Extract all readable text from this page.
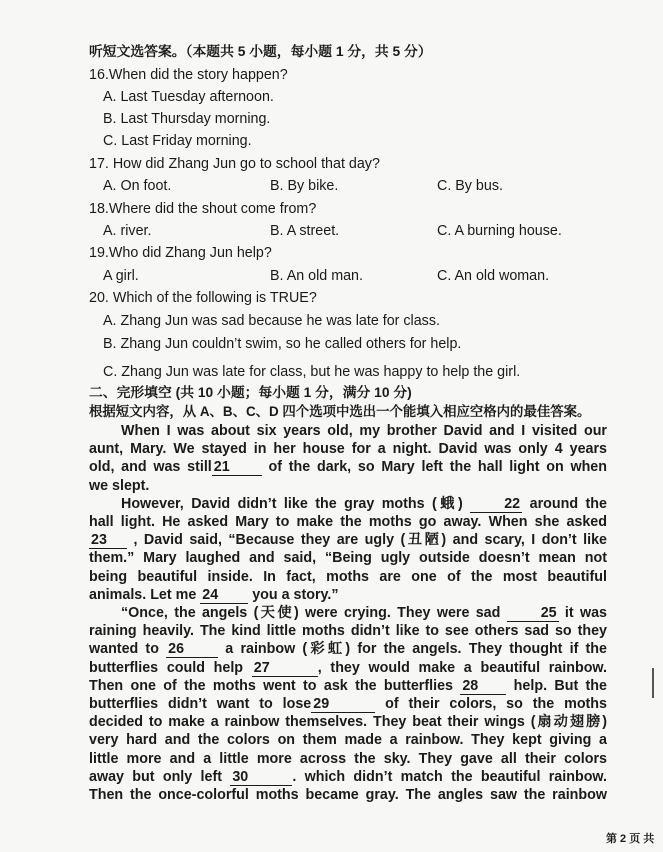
听短文选答案。（本题共 5 小题，每小题 1 分，共 5 分）
16.When did the story happen?
A. Last Tuesday afternoon.
B. Last Thursday morning.
C. Last Friday morning.
17. How did Zhang Jun go to school that day?
A. On foot.	B. By bike.	C. By bus.
18.Where did the shout come from?
A. river.	B. A street.	C. A burning house.
19.Who did Zhang Jun help?
A girl.	B. An old man.	C. An old woman.
20. Which of the following is TRUE?
A. Zhang Jun was sad because he was late for class.
B. Zhang Jun couldn’t swim, so he called others for help.
C. Zhang Jun was late for class, but he was happy to help the girl.
二、完形填空 (共 10 小题；每小题 1 分，满分 10 分)
根据短文内容，从 A、B、C、D 四个选项中选出一个能填入相应空格内的最佳答案。

When I was about six years old, my brother David and I visited our

aunt, Mary. We stayed in her house for a night. David was only 4 years

old, and was still 21 of the dark, so Mary left the hall light on when

we slept.

However, David didn’t like the gray moths (蛾) 22 around the

hall light. He asked Mary to make the moths go away. When she asked

23 , David said, “Because they are ugly (丑陋) and scary, I don’t like

them.” Mary laughed and said, “Being ugly outside doesn’t mean not

being beautiful inside. In fact, moths are one of the most beautiful

animals. Let me 24 you a story.”

“Once, the angels (天使) were crying. They were sad 25 it was

raining heavily. The kind little moths didn’t like to see others sad so they

wanted to 26 a rainbow (彩虹) for the angels. They thought if the

butterflies could help 27	, they would make a beautiful rainbow.

Then one of the moths went to ask the butterflies 28 help. But the

butterflies didn’t want to lose 29	of their colors, so the moths

decided to make a rainbow themselves. They beat their wings (扇动翅膀)

very hard and the colors on them made a rainbow. They kept giving a

little more and a little more across the sky. They gave all their colors

away but only left 30	. which didn’t match the beautiful rainbow.

Then the once-colorful moths became gray. The angles saw the rainbow

第 2 页 共
